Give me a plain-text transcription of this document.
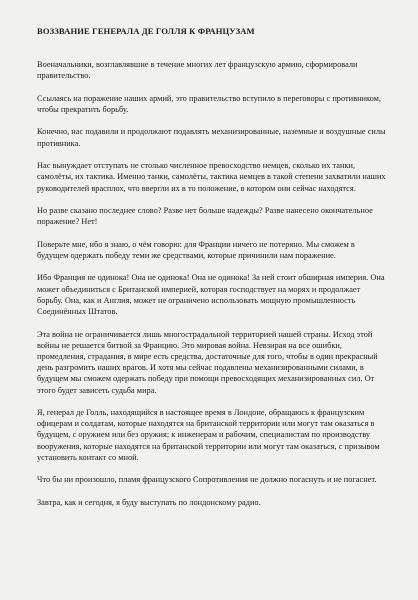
ВОЗЗВАНИЕ ГЕНЕРАЛА ДЕ ГОЛЛЯ К ФРАНЦУЗАМ

Военачальники, возглавлявшие в течение многих лет французскую армию, сформировали правительство.

Ссылаясь на поражение наших армий, это правительство вступило в переговоры с противником, чтобы прекратить борьбу.

Конечно, нас подавили и продолжают подавлять механизированные, наземные и воздушные силы противника.

Нас вынуждает отступать не столько численное превосходство немцев, сколько их танки, самолёты, их тактика. Именно танки, самолёты, тактика немцев в такой степени захватили наших руководителей врасплох, что ввергли их в то положение, в котором они сейчас находятся.

Но разве сказано последнее слово? Разве нет больше надежды? Разве нанесено окончательное поражение? Нет!

Поверьте мне, ибо я знаю, о чём говорю: для Франции ничего не потеряно. Мы сможем в будущем одержать победу теми же средствами, которые причинили нам поражение.

Ибо Франция не одинока! Она не одинока! Она не одинока! За ней стоит обширная империя. Она может объединиться с Британской империей, которая господствует на морях и продолжает борьбу. Она, как и Англия, может не ограничено использовать мощную промышленность Соединённых Штатов.

Эта война не ограничивается лишь многострадальной территорией нашей страны. Исход этой войны не решается битвой за Францию. Это мировая война. Невзирая на все ошибки, промедления, страдания, в мире есть средства, достаточные для того, чтобы в один прекрасный день разгромить наших врагов. И хотя мы сейчас подавлены механизированными силами, в будущем мы сможем одержать победу при помощи превосходящих механизированных сил. От этого будет зависеть судьба мира.

Я, генерал де Голль, находящийся в настоящее время в Лондоне, обращаюсь к французским офицерам и солдатам, которые находятся на британской территории или могут там оказаться в будущем, с оружием или без оружия; к инженерам и рабочим, специалистам по производству вооружения, которые находятся на британской территории или могут там оказаться, с призывом установить контакт со мной.

Что бы ни произошло, пламя французского Сопротивления не должно погаснуть и не погаснет.

Завтра, как и сегодня, я буду выступать по лондонскому радио.
